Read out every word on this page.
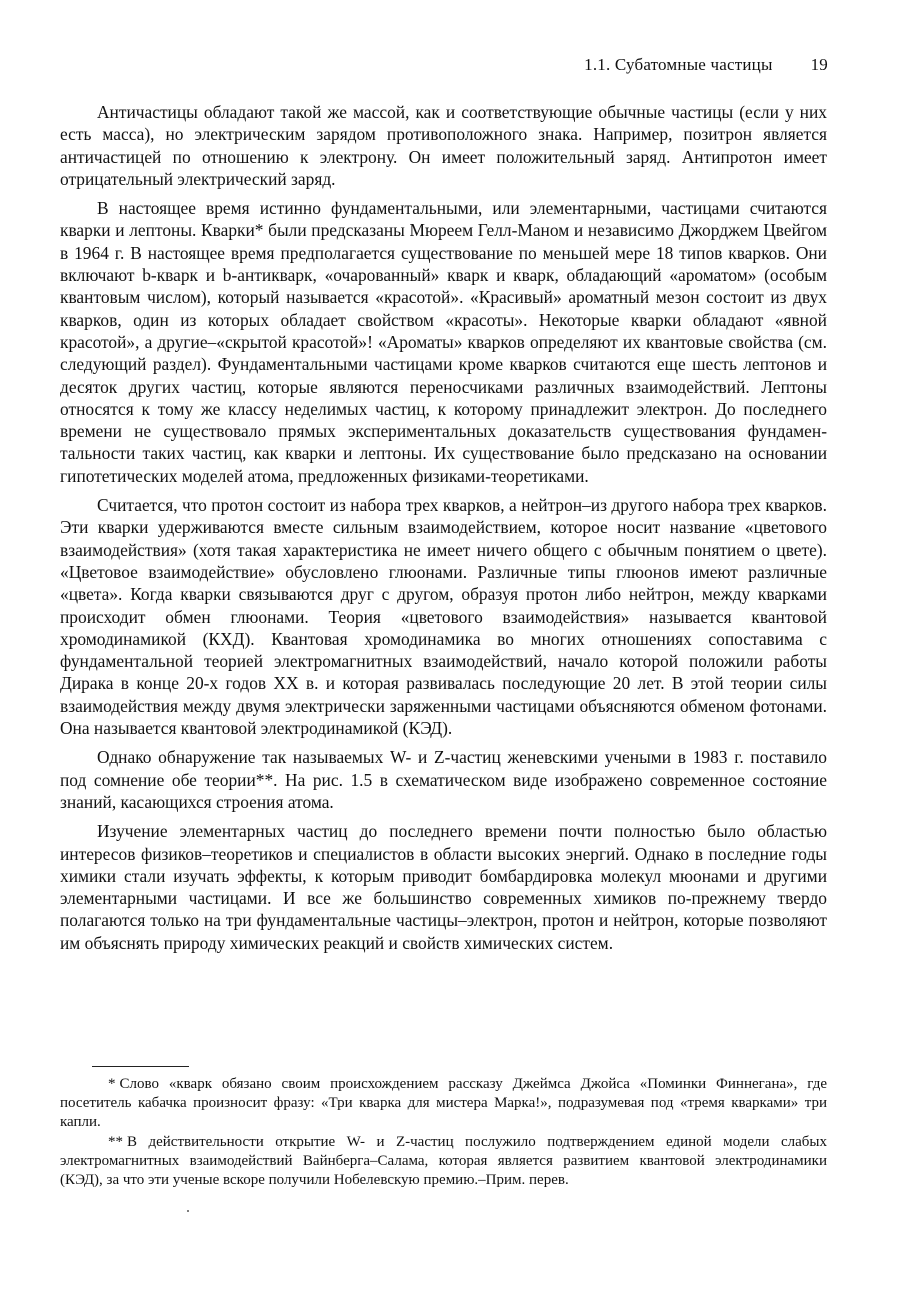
1.1. Субатомные частицы 19

Античастицы обладают такой же массой, как и соответствующие обычные частицы (если у них есть масса), но электрическим зарядом противоположного знака. Например, позитрон является античастицей по отношению к электрону. Он имеет положительный заряд. Антипротон имеет отрицательный электрический заряд.

В настоящее время истинно фундаментальными, или элементарными, частицами считаются кварки и лептоны. Кварки* были предсказаны Мюреем Гелл-Маном и независимо Джорджем Цвейгом в 1964 г. В настоящее время предполагается существование по меньшей мере 18 типов кварков. Они включают b-кварк и b-антикварк, «очарованный» кварк и кварк, обладающий «ароматом» (особым квантовым числом), который называется «красотой». «Красивый» ароматный мезон состоит из двух кварков, один из которых обладает свойством «красоты». Некоторые кварки обладают «явной красотой», а другие–«скрытой красотой»! «Ароматы» кварков определяют их квантовые свойства (см. следующий раздел). Фундаментальными частицами кроме кварков считаются еще шесть лептонов и десяток других частиц, которые являются переносчиками различных взаимодействий. Лептоны относятся к тому же классу неделимых частиц, к которому принадлежит электрон. До последнего времени не существовало прямых экспериментальных доказательств существования фундаментальности таких частиц, как кварки и лептоны. Их существование было предсказано на основании гипотетических моделей атома, предложенных физиками-теоретиками.

Считается, что протон состоит из набора трех кварков, а нейтрон–из другого набора трех кварков. Эти кварки удерживаются вместе сильным взаимодействием, которое носит название «цветового взаимодействия» (хотя такая характеристика не имеет ничего общего с обычным понятием о цвете). «Цветовое взаимодействие» обусловлено глюонами. Различные типы глюонов имеют различные «цвета». Когда кварки связываются друг с другом, образуя протон либо нейтрон, между кварками происходит обмен глюонами. Теория «цветового взаимодействия» называется квантовой хромодинамикой (КХД). Квантовая хромодинамика во многих отношениях сопоставима с фундаментальной теорией электромагнитных взаимодействий, начало которой положили работы Дирака в конце 20-х годов XX в. и которая развивалась последующие 20 лет. В этой теории силы взаимодействия между двумя электрически заряженными частицами объясняются обменом фотонами. Она называется квантовой электродинамикой (КЭД).

Однако обнаружение так называемых W- и Z-частиц женевскими учеными в 1983 г. поставило под сомнение обе теории**. На рис. 1.5 в схематическом виде изображено современное состояние знаний, касающихся строения атома.

Изучение элементарных частиц до последнего времени почти полностью было областью интересов физиков–теоретиков и специалистов в области высоких энергий. Однако в последние годы химики стали изучать эффекты, к которым приводит бомбардировка молекул мюонами и другими элементарными частицами. И все же большинство современных химиков по-прежнему твердо полагаются только на три фундаментальные частицы–электрон, протон и нейтрон, которые позволяют им объяснять природу химических реакций и свойств химических систем.

* Слово «кварк обязано своим происхождением рассказу Джеймса Джойса «Поминки Финнегана», где посетитель кабачка произносит фразу: «Три кварка для мистера Марка!», подразумевая под «тремя кварками» три капли.

** В действительности открытие W- и Z-частиц послужило подтверждением единой модели слабых электромагнитных взаимодействий Вайнберга–Салама, которая является развитием квантовой электродинамики (КЭД), за что эти ученые вскоре получили Нобелевскую премию.–Прим. перев.
